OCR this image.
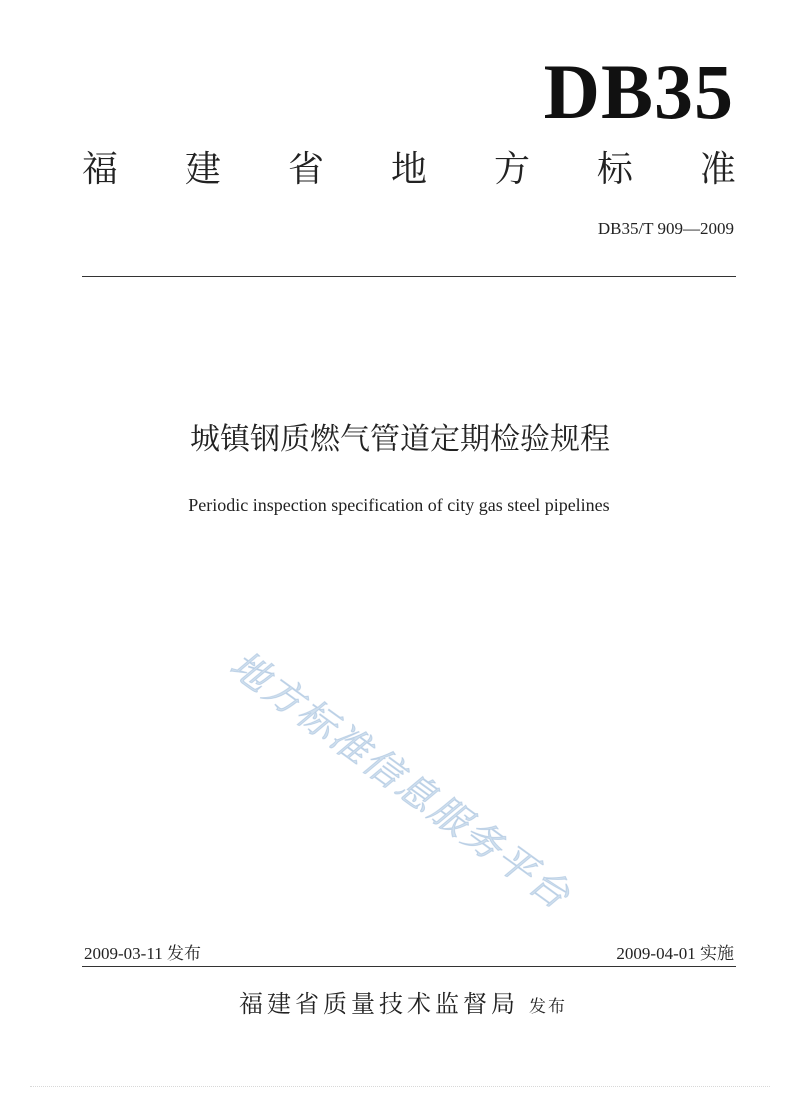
DB35
福 建 省 地 方 标 准
DB35/T 909—2009
城镇钢质燃气管道定期检验规程
Periodic inspection specification of city gas steel pipelines
地方标准信息服务平台
2009-03-11 发布	2009-04-01 实施
福建省质量技术监督局 发布
